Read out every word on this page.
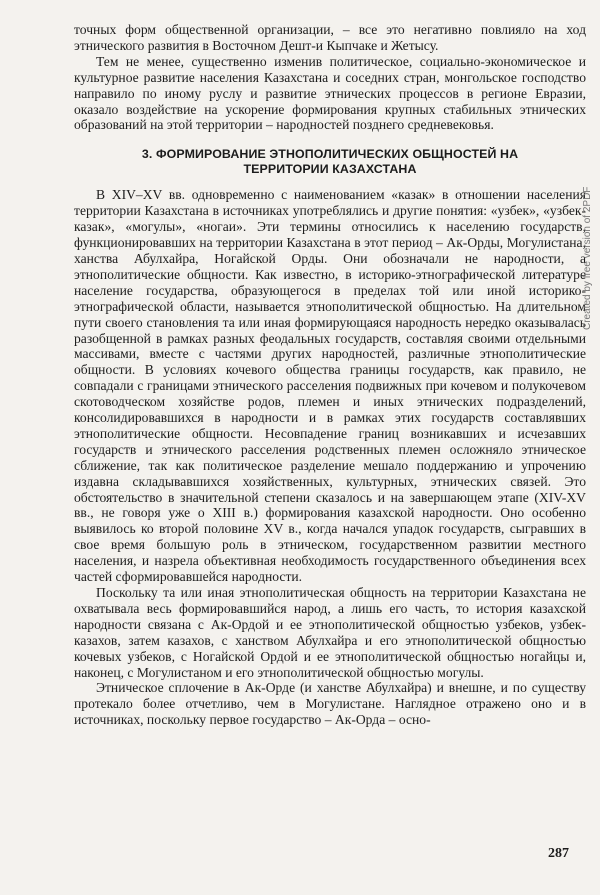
точных форм общественной организации, – все это негативно повлияло на ход этнического развития в Восточном Дешт-и Кыпчаке и Жетысу.

Тем не менее, существенно изменив политическое, социально-экономическое и культурное развитие населения Казахстана и соседних стран, монгольское господство направило по иному руслу и развитие этнических процессов в регионе Евразии, оказало воздействие на ускорение формирования крупных стабильных этнических образований на этой территории – народностей позднего средневековья.

3. ФОРМИРОВАНИЕ ЭТНОПОЛИТИЧЕСКИХ ОБЩНОСТЕЙ НА
ТЕРРИТОРИИ КАЗАХСТАНА

В XIV–XV вв. одновременно с наименованием «казак» в отношении населения территории Казахстана в источниках употреблялись и другие понятия: «узбек», «узбек-казак», «могулы», «ногаи». Эти термины относились к населению государств, функционировавших на территории Казахстана в этот период – Ак-Орды, Могулистана, ханства Абулхайра, Ногайской Орды. Они обозначали не народности, а этнополитические общности. Как известно, в историко-этнографической литературе население государства, образующегося в пределах той или иной историко-этнографической области, называется этнополитической общностью. На длительном пути своего становления та или иная формирующаяся народность нередко оказывалась разобщенной в рамках разных феодальных государств, составляя своими отдельными массивами, вместе с частями других народностей, различные этнополитические общности. В условиях кочевого общества границы государств, как правило, не совпадали с границами этнического расселения подвижных при кочевом и полукочевом скотоводческом хозяйстве родов, племен и иных этнических подразделений, консолидировавшихся в народности и в рамках этих государств составлявших этнополитические общности. Несовпадение границ возникавших и исчезавших государств и этнического расселения родственных племен осложняло этническое сближение, так как политическое разделение мешало поддержанию и упрочению издавна складывавшихся хозяйственных, культурных, этнических связей. Это обстоятельство в значительной степени сказалось и на завершающем этапе (XIV-XV вв., не говоря уже о XIII в.) формирования казахской народности. Оно особенно выявилось ко второй половине XV в., когда начался упадок государств, сыгравших в свое время большую роль в этническом, государственном развитии местного населения, и назрела объективная необходимость государственного объединения всех частей сформировавшейся народности.

Поскольку та или иная этнополитическая общность на территории Казахстана не охватывала весь формировавшийся народ, а лишь его часть, то история казахской народности связана с Ак-Ордой и ее этнополитической общностью узбеков, узбек-казахов, затем казахов, с ханством Абулхайра и его этнополитической общностью кочевых узбеков, с Ногайской Ордой и ее этнополитической общностью ногайцы и, наконец, с Могулистаном и его этнополитической общностью могулы.

Этническое сплочение в Ак-Орде (и ханстве Абулхайра) и внешне, и по существу протекало более отчетливо, чем в Могулистане. Наглядное отражено оно и в источниках, поскольку первое государство – Ак-Орда – осно-

Created by free version of 2PDF
287
